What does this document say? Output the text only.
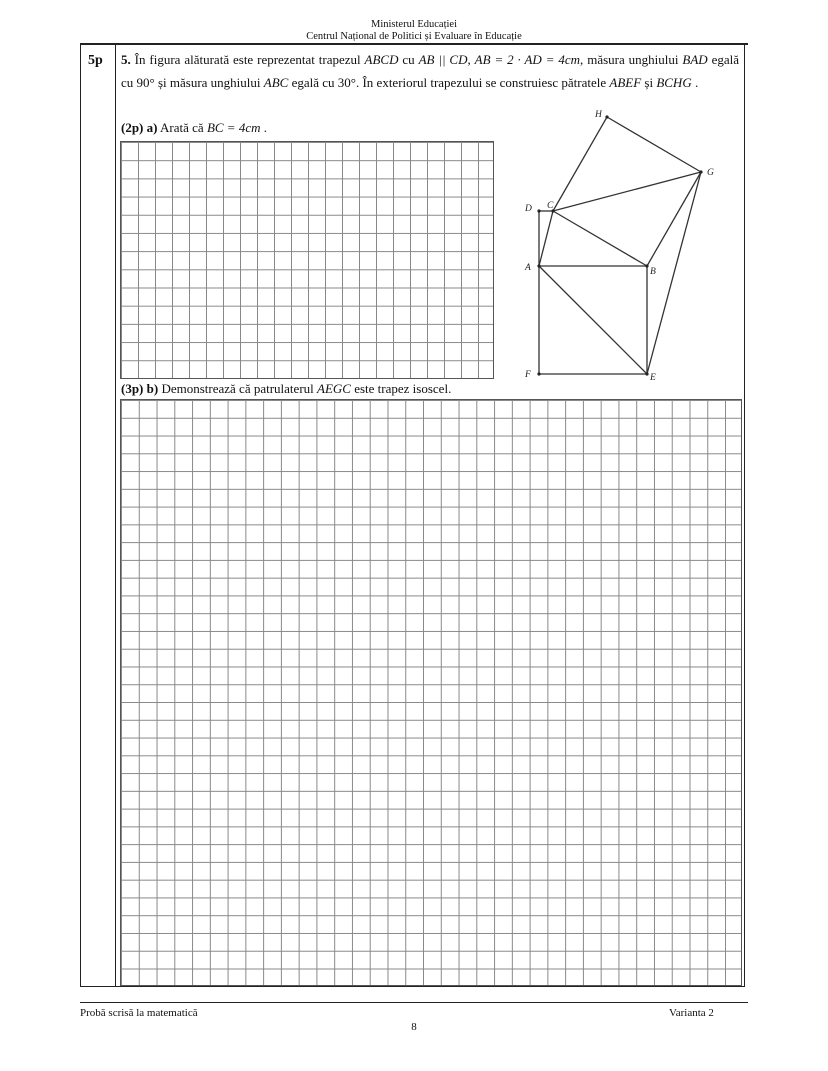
Ministerul Educației
Centrul Național de Politici și Evaluare în Educație
5p 5. În figura alăturată este reprezentat trapezul ABCD cu AB || CD, AB = 2 · AD = 4cm, măsura unghiului BAD egală cu 90° și măsura unghiului ABC egală cu 30°. În exteriorul trapezului se construiesc pătratele ABEF și BCHG .
(2p) a) Arată că BC = 4cm .
H
G
D C
A	B
F	E
(3p) b) Demonstrează că patrulaterul AEGC este trapez isoscel.
Probă scrisă la matematică	Varianta 2
8
